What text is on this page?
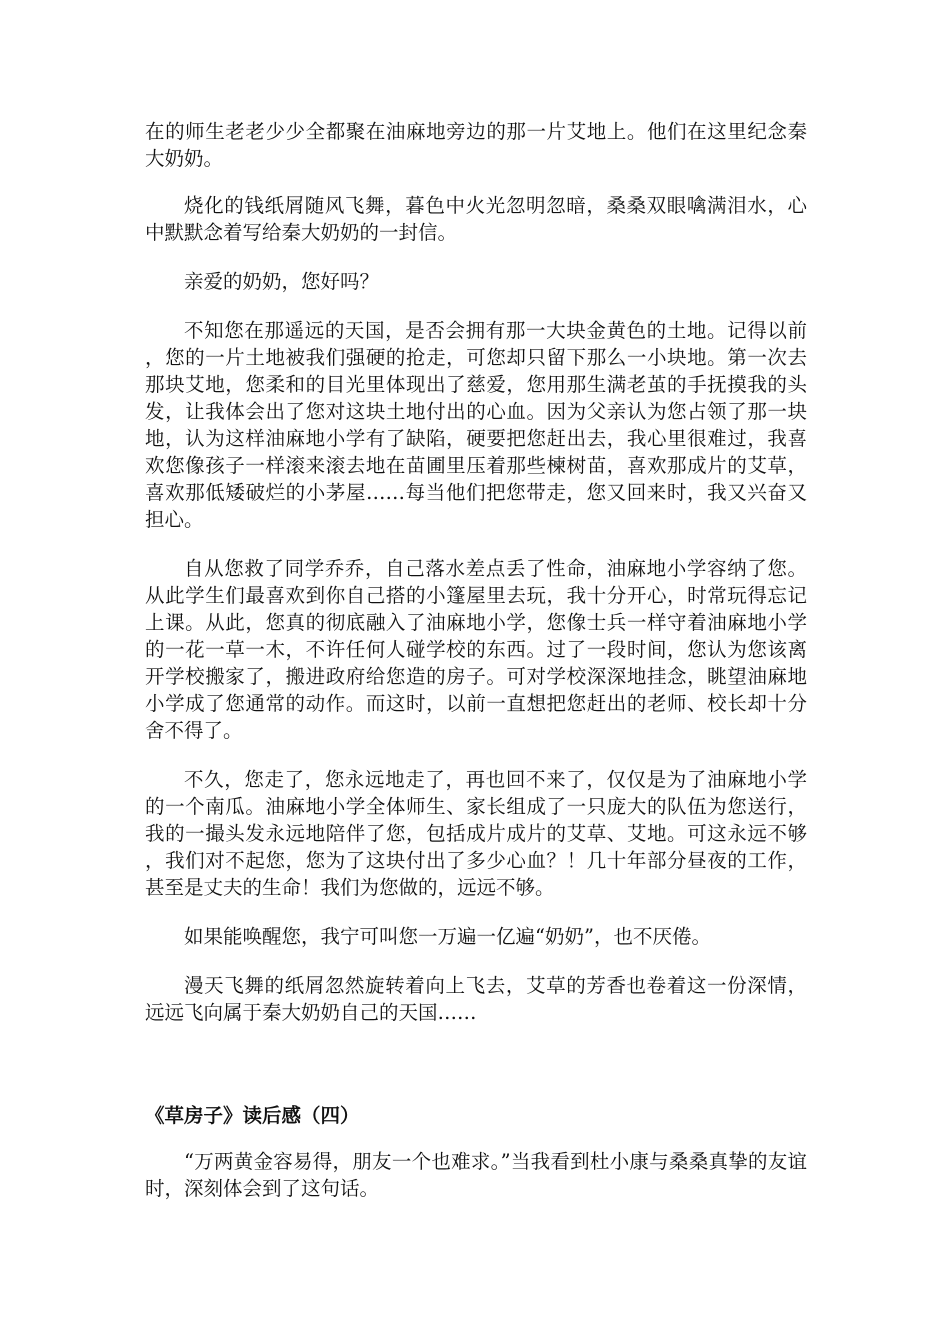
在的师生老老少少全都聚在油麻地旁边的那一片艾地上。他们在这里纪念秦大奶奶。

烧化的钱纸屑随风飞舞，暮色中火光忽明忽暗，桑桑双眼噙满泪水，心中默默念着写给秦大奶奶的一封信。

亲爱的奶奶，您好吗？

不知您在那遥远的天国，是否会拥有那一大块金黄色的土地。记得以前，您的一片土地被我们强硬的抢走，可您却只留下那么一小块地。第一次去那块艾地，您柔和的目光里体现出了慈爱，您用那生满老茧的手抚摸我的头发，让我体会出了您对这块土地付出的心血。因为父亲认为您占领了那一块地，认为这样油麻地小学有了缺陷，硬要把您赶出去，我心里很难过，我喜欢您像孩子一样滚来滚去地在苗圃里压着那些楝树苗，喜欢那成片的艾草，喜欢那低矮破烂的小茅屋……每当他们把您带走，您又回来时，我又兴奋又担心。

自从您救了同学乔乔，自己落水差点丢了性命，油麻地小学容纳了您。从此学生们最喜欢到你自己搭的小篷屋里去玩，我十分开心，时常玩得忘记上课。从此，您真的彻底融入了油麻地小学，您像士兵一样守着油麻地小学的一花一草一木，不许任何人碰学校的东西。过了一段时间，您认为您该离开学校搬家了，搬进政府给您造的房子。可对学校深深地挂念，眺望油麻地小学成了您通常的动作。而这时，以前一直想把您赶出的老师、校长却十分舍不得了。

不久，您走了，您永远地走了，再也回不来了，仅仅是为了油麻地小学的一个南瓜。油麻地小学全体师生、家长组成了一只庞大的队伍为您送行，我的一撮头发永远地陪伴了您，包括成片成片的艾草、艾地。可这永远不够，我们对不起您，您为了这块付出了多少心血？！几十年部分昼夜的工作，甚至是丈夫的生命！我们为您做的，远远不够。

如果能唤醒您，我宁可叫您一万遍一亿遍“奶奶”，也不厌倦。

漫天飞舞的纸屑忽然旋转着向上飞去，艾草的芳香也卷着这一份深情，远远飞向属于秦大奶奶自己的天国……

《草房子》读后感（四）

“万两黄金容易得，朋友一个也难求。”当我看到杜小康与桑桑真挚的友谊时，深刻体会到了这句话。
